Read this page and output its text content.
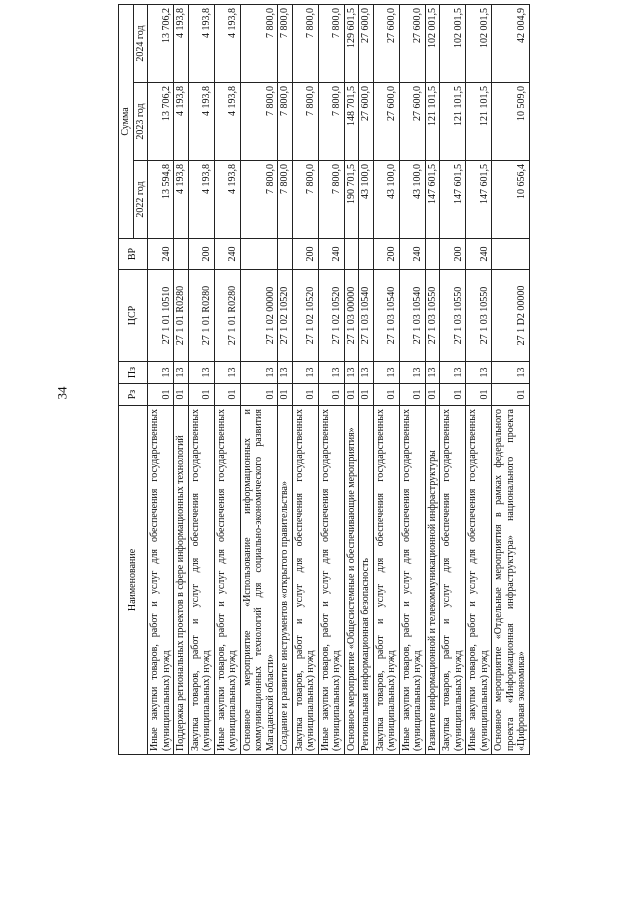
34
Наименование	Рз	Пз	ЦСР	ВР	Сумма		
					2022 год	2023 год	2024 год
Иные закупки товаров, работ и услуг для обеспечения государственных (муниципальных) нужд	01	13	27 1 01 10510	240	13 594,8	13 706,2	13 706,2
Поддержка региональных проектов в сфере информационных технологий	01	13	27 1 01 R0280		4 193,8	4 193,8	4 193,8
Закупка товаров, работ и услуг для обеспечения государственных (муниципальных) нужд	01	13	27 1 01 R0280	200	4 193,8	4 193,8	4 193,8
Иные закупки товаров, работ и услуг для обеспечения государственных (муниципальных) нужд	01	13	27 1 01 R0280	240	4 193,8	4 193,8	4 193,8
Основное мероприятие «Использование информационных и коммуникационных технологий для социально-экономического развития Магаданской области»	01	13	27 1 02 00000		7 800,0	7 800,0	7 800,0
Создание и развитие инструментов «открытого правительства»	01	13	27 1 02 10520		7 800,0	7 800,0	7 800,0
Закупка товаров, работ и услуг для обеспечения государственных (муниципальных) нужд	01	13	27 1 02 10520	200	7 800,0	7 800,0	7 800,0
Иные закупки товаров, работ и услуг для обеспечения государственных (муниципальных) нужд	01	13	27 1 02 10520	240	7 800,0	7 800,0	7 800,0
Основное мероприятие «Общесистемные и обеспечивающие мероприятия»	01	13	27 1 03 00000		190 701,5	148 701,5	129 601,5
Региональная информационная безопасность	01	13	27 1 03 10540		43 100,0	27 600,0	27 600,0
Закупка товаров, работ и услуг для обеспечения государственных (муниципальных) нужд	01	13	27 1 03 10540	200	43 100,0	27 600,0	27 600,0
Иные закупки товаров, работ и услуг для обеспечения государственных (муниципальных) нужд	01	13	27 1 03 10540	240	43 100,0	27 600,0	27 600,0
Развитие информационной и телекоммуникационной инфраструктуры	01	13	27 1 03 10550		147 601,5	121 101,5	102 001,5
Закупка товаров, работ и услуг для обеспечения государственных (муниципальных) нужд	01	13	27 1 03 10550	200	147 601,5	121 101,5	102 001,5
Иные закупки товаров, работ и услуг для обеспечения государственных (муниципальных) нужд	01	13	27 1 03 10550	240	147 601,5	121 101,5	102 001,5
Основное мероприятие «Отдельные мероприятия в рамках федерального проекта «Информационная инфраструктура» национального проекта «Цифровая экономика»	01	13	27 1 D2 00000		10 656,4	10 509,0	42 004,9
